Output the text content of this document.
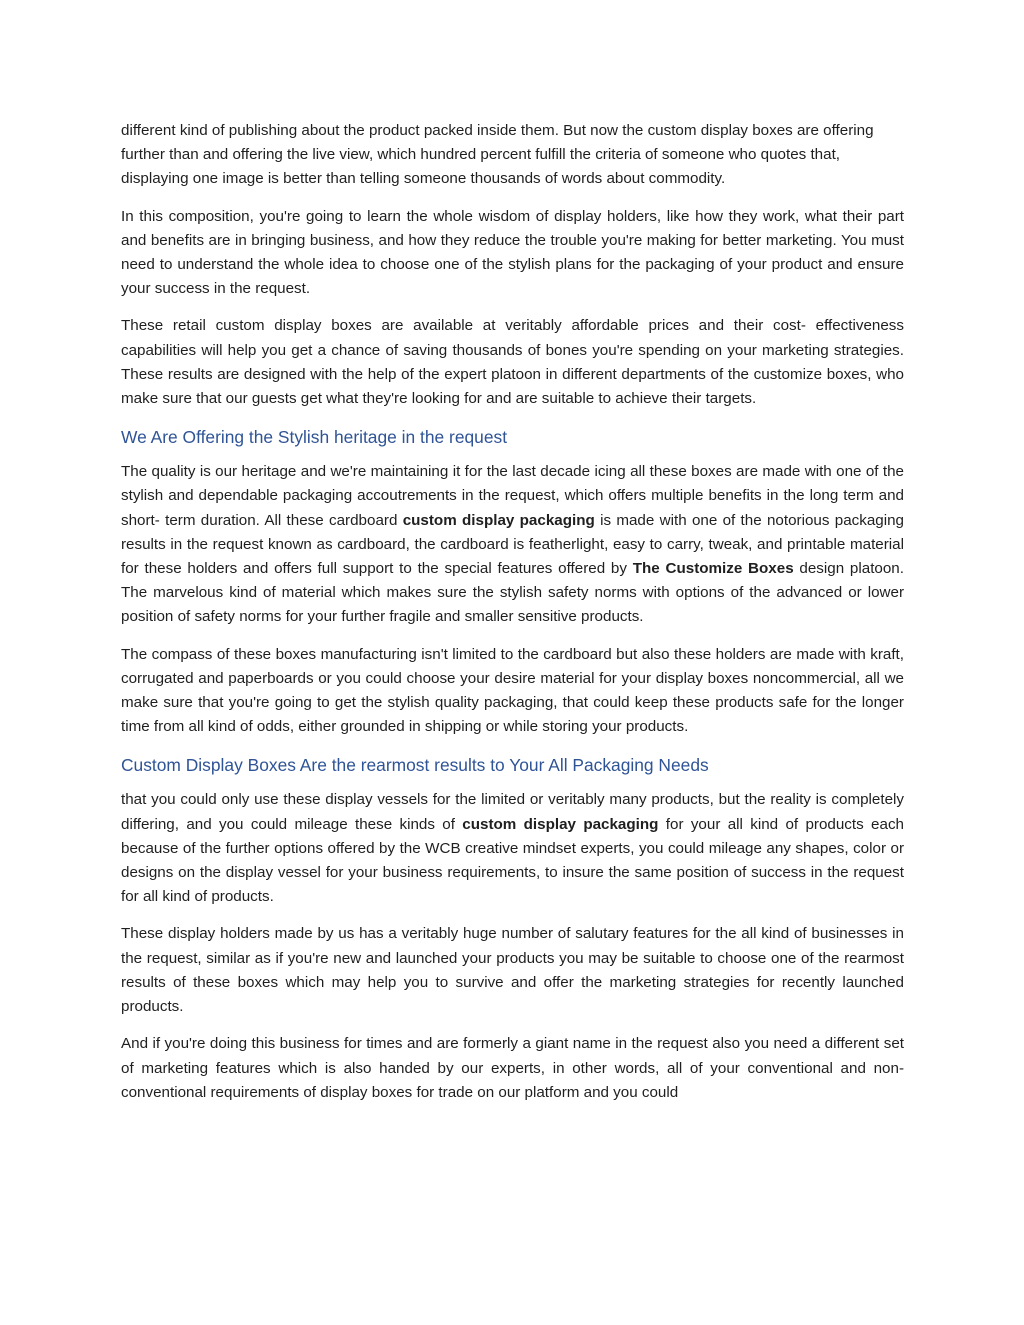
different kind of publishing about the product packed inside them. But now the custom display boxes are offering further than and offering the live view, which hundred percent fulfill the criteria of someone who quotes that, displaying one image is better than telling someone thousands of words about commodity.

In this composition, you're going to learn the whole wisdom of display holders, like how they work, what their part and benefits are in bringing business, and how they reduce the trouble you're making for better marketing. You must need to understand the whole idea to choose one of the stylish plans for the packaging of your product and ensure your success in the request.

These retail custom display boxes are available at veritably affordable prices and their cost- effectiveness capabilities will help you get a chance of saving thousands of bones you're spending on your marketing strategies. These results are designed with the help of the expert platoon in different departments of the customize boxes, who make sure that our guests get what they're looking for and are suitable to achieve their targets.

We Are Offering the Stylish heritage in the request

The quality is our heritage and we're maintaining it for the last decade icing all these boxes are made with one of the stylish and dependable packaging accoutrements in the request, which offers multiple benefits in the long term and short- term duration. All these cardboard custom display packaging is made with one of the notorious packaging results in the request known as cardboard, the cardboard is featherlight, easy to carry, tweak, and printable material for these holders and offers full support to the special features offered by The Customize Boxes design platoon. The marvelous kind of material which makes sure the stylish safety norms with options of the advanced or lower position of safety norms for your further fragile and smaller sensitive products.

The compass of these boxes manufacturing isn't limited to the cardboard but also these holders are made with kraft, corrugated and paperboards or you could choose your desire material for your display boxes noncommercial, all we make sure that you're going to get the stylish quality packaging, that could keep these products safe for the longer time from all kind of odds, either grounded in shipping or while storing your products.

Custom Display Boxes Are the rearmost results to Your All Packaging Needs

that you could only use these display vessels for the limited or veritably many products, but the reality is completely differing, and you could mileage these kinds of custom display packaging for your all kind of products each because of the further options offered by the WCB creative mindset experts, you could mileage any shapes, color or designs on the display vessel for your business requirements, to insure the same position of success in the request for all kind of products.

These display holders made by us has a veritably huge number of salutary features for the all kind of businesses in the request, similar as if you're new and launched your products you may be suitable to choose one of the rearmost results of these boxes which may help you to survive and offer the marketing strategies for recently launched products.

And if you're doing this business for times and are formerly a giant name in the request also you need a different set of marketing features which is also handed by our experts, in other words, all of your conventional and non-conventional requirements of display boxes for trade on our platform and you could
